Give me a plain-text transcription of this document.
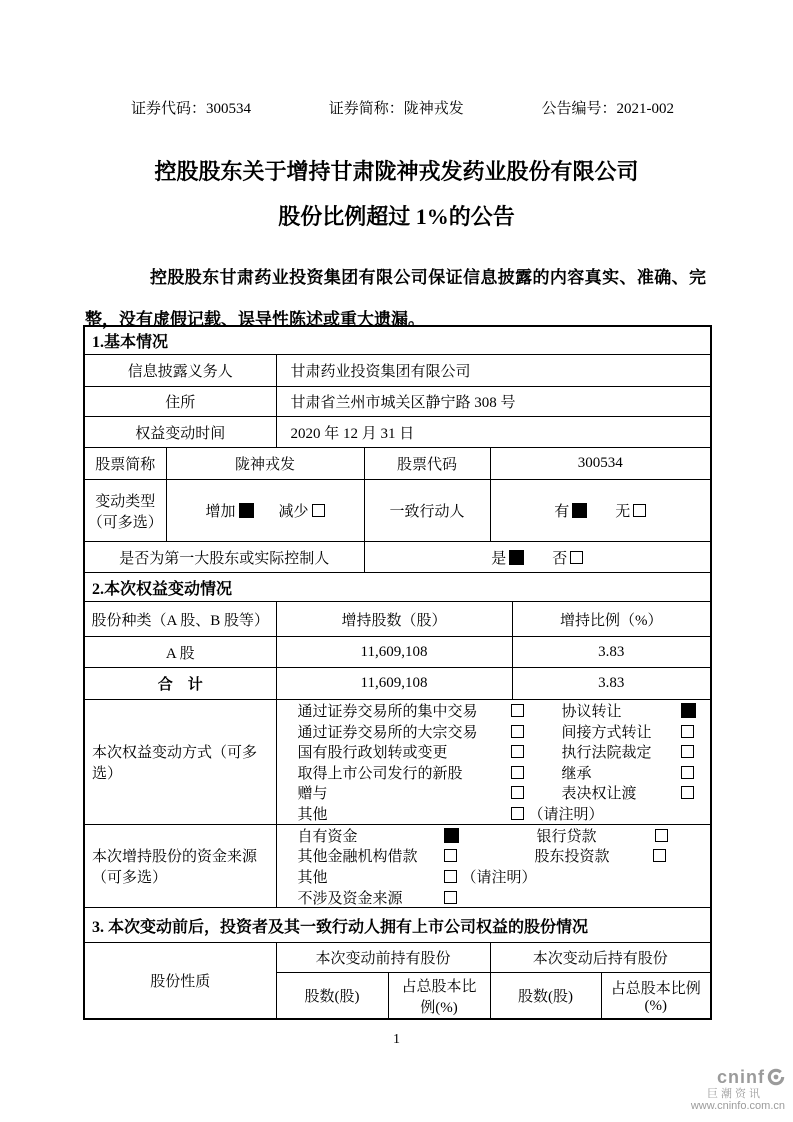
证券代码：300534	证券简称：陇神戎发	公告编号：2021-002
控股股东关于增持甘肃陇神戎发药业股份有限公司
股份比例超过 1%的公告
控股股东甘肃药业投资集团有限公司保证信息披露的内容真实、准确、完整，没有虚假记载、误导性陈述或重大遗漏。
1.基本情况							
信息披露义务人		甘肃药业投资集团有限公司					
住所		甘肃省兰州市城关区静宁路 308 号					
权益变动时间		2020 年 12 月 31 日					
股票简称	陇神戎发		股票代码		300534		
变动类型（可多选）	增加 减少		一致行动人		有 无		
是否为第一大股东或实际控制人			是 否				
2.本次权益变动情况							
股份种类（A 股、B 股等）		增持股数（股）				增持比例（%）	
A 股		11,609,108				3.83	
合　计		11,609,108				3.83	
本次权益变动方式（可多选）	
通过证券交易所的集中交易	协议转让
通过证券交易所的大宗交易	间接方式转让
国有股行政划转或变更	执行法院裁定
取得上市公司发行的新股	继承
赠与	表决权让渡
其他	（请注明）

本次增持股份的资金来源（可多选）	
自有资金	银行贷款
其他金融机构借款	股东投资款
其他	（请注明）
不涉及资金来源

3. 本次变动前后，投资者及其一致行动人拥有上市公司权益的股份情况							
股份性质		本次变动前持有股份			本次变动后持有股份		
		股数(股)		占总股本比例(%)	股数(股)		占总股本比例(%)
1
cninf
巨潮资讯
www.cninfo.com.cn
